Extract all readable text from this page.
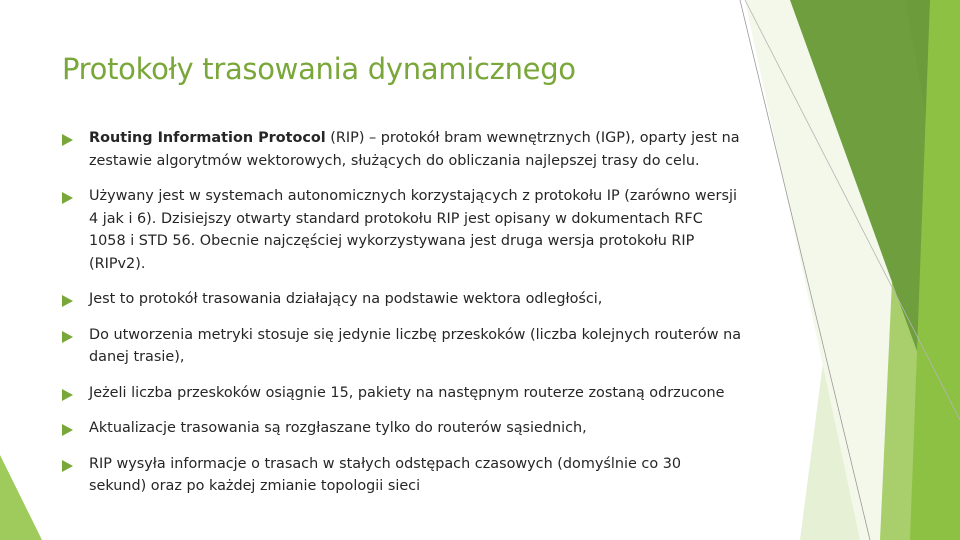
Protokoły trasowania dynamicznego
Routing Information Protocol (RIP) – protokół bram wewnętrznych (IGP), oparty jest na zestawie algorytmów wektorowych, służących do obliczania najlepszej trasy do celu.
Używany jest w systemach autonomicznych korzystających z protokołu IP (zarówno wersji 4 jak i 6). Dzisiejszy otwarty standard protokołu RIP jest opisany w dokumentach RFC 1058 i STD 56. Obecnie najczęściej wykorzystywana jest druga wersja protokołu RIP (RIPv2).
Jest to protokół trasowania działający na podstawie wektora odległości,
Do utworzenia metryki stosuje się jedynie liczbę przeskoków (liczba kolejnych routerów na danej trasie),
Jeżeli liczba przeskoków osiągnie 15, pakiety na następnym routerze zostaną odrzucone
Aktualizacje trasowania są rozgłaszane tylko do routerów sąsiednich,
RIP wysyła informacje o trasach w stałych odstępach czasowych (domyślnie co 30 sekund) oraz po każdej zmianie topologii sieci
